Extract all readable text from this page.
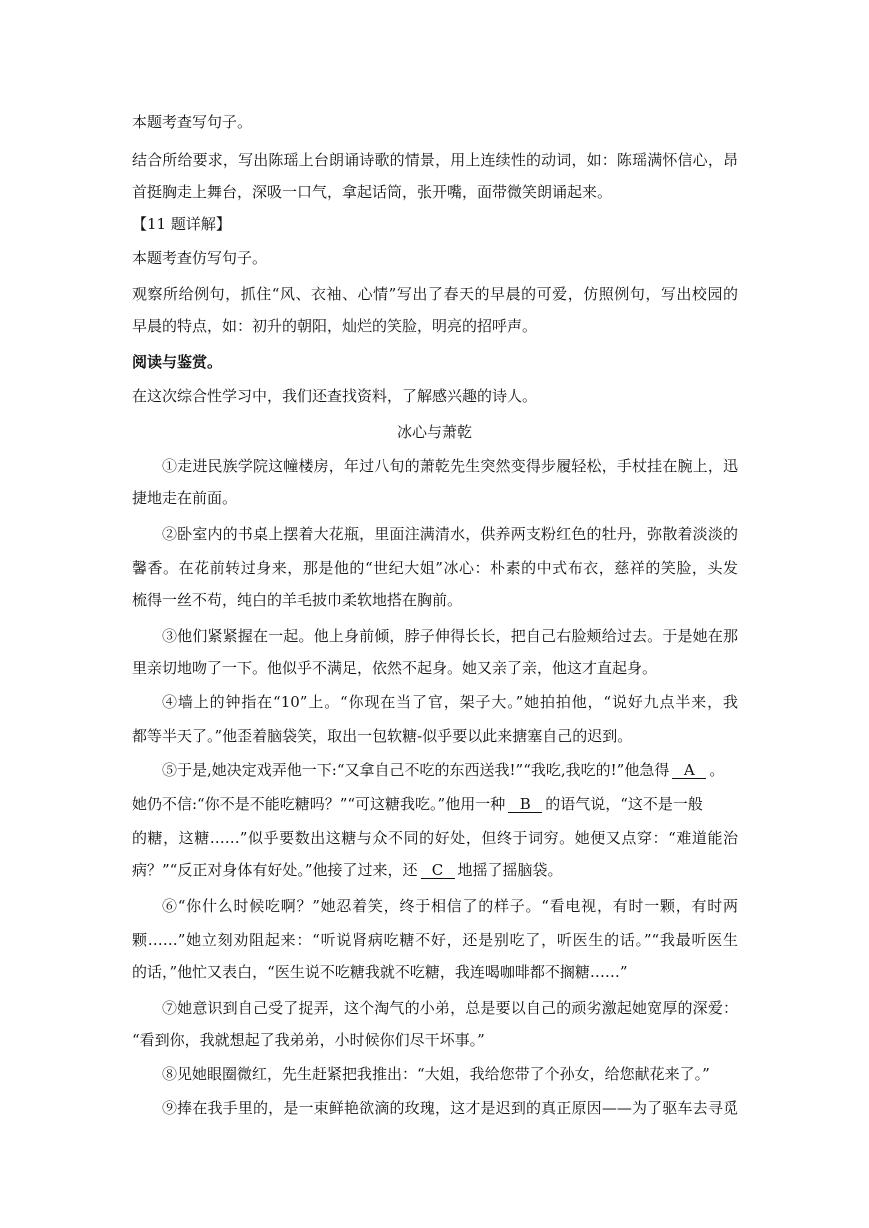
本题考查写句子。
结合所给要求，写出陈瑶上台朗诵诗歌的情景，用上连续性的动词，如：陈瑶满怀信心，昂
首挺胸走上舞台，深吸一口气，拿起话筒，张开嘴，面带微笑朗诵起来。
【11 题详解】
本题考查仿写句子。
观察所给例句，抓住“风、衣袖、心情”写出了春天的早晨的可爱，仿照例句，写出校园的
早晨的特点，如：初升的朝阳，灿烂的笑脸，明亮的招呼声。
阅读与鉴赏。
在这次综合性学习中，我们还查找资料，了解感兴趣的诗人。
冰心与萧乾
①走进民族学院这幢楼房，年过八旬的萧乾先生突然变得步履轻松，手杖挂在腕上，迅
捷地走在前面。
②卧室内的书桌上摆着大花瓶，里面注满清水，供养两支粉红色的牡丹，弥散着淡淡的
馨香。在花前转过身来，那是他的“世纪大姐”冰心：朴素的中式布衣，慈祥的笑脸，头发
梳得一丝不苟，纯白的羊毛披巾柔软地搭在胸前。
③他们紧紧握在一起。他上身前倾，脖子伸得长长，把自己右脸颊给过去。于是她在那
里亲切地吻了一下。他似乎不满足，依然不起身。她又亲了亲，他这才直起身。
④墙上的钟指在“10”上。“你现在当了官，架子大。”她拍拍他，“说好九点半来，我
都等半天了。”他歪着脑袋笑，取出一包软糖-似乎要以此来搪塞自己的迟到。
⑤于是,她决定戏弄他一下:“又拿自己不吃的东西送我!”“我吃,我吃的!”他急得 A 。
她仍不信:“你不是不能吃糖吗？”“可这糖我吃。”他用一种 B 的语气说，“这不是一般
的糖，这糖……”似乎要数出这糖与众不同的好处，但终于词穷。她便又点穿：“难道能治
病？”“反正对身体有好处。”他接了过来，还 C 地摇了摇脑袋。
⑥“你什么时候吃啊？”她忍着笑，终于相信了的样子。“看电视，有时一颗，有时两
颗……”她立刻劝阻起来：“听说肾病吃糖不好，还是别吃了，听医生的话。”“我最听医生
的话，”他忙又表白，“医生说不吃糖我就不吃糖，我连喝咖啡都不搁糖……”
⑦她意识到自己受了捉弄，这个淘气的小弟，总是要以自己的顽劣激起她宽厚的深爱：
“看到你，我就想起了我弟弟，小时候你们尽干坏事。”
⑧见她眼圈微红，先生赶紧把我推出：“大姐，我给您带了个孙女，给您献花来了。”
⑨捧在我手里的，是一束鲜艳欲滴的玫瑰，这才是迟到的真正原因——为了驱车去寻觅
